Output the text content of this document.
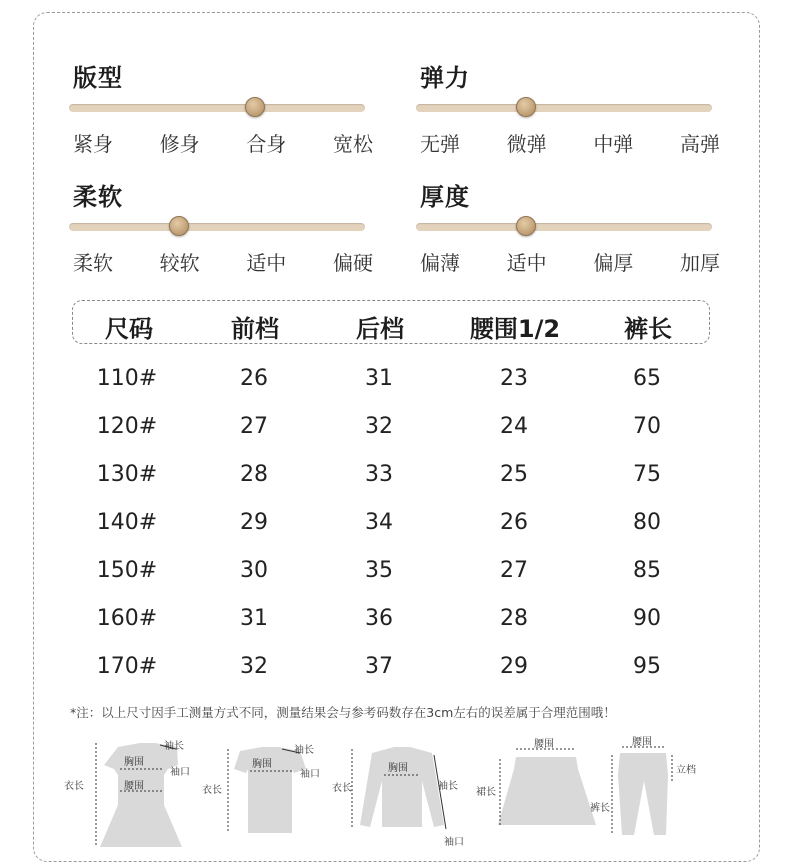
版型
紧身 修身 合身 宽松
弹力
无弹 微弹 中弹 高弹
柔软
柔软 较软 适中 偏硬
厚度
偏薄 适中 偏厚 加厚
尺码	前档	后档	腰围1/2	裤长
110#	26	31	23	65
120#	27	32	24	70
130#	28	33	25	75
140#	29	34	26	80
150#	30	35	27	85
160#	31	36	28	90
170#	32	37	29	95
*注：以上尺寸因手工测量方式不同，测量结果会与参考码数存在3cm左右的误差属于合理范围哦！
胸围
腰围
衣长
袖长
袖口
胸围
衣长
袖长
袖口
胸围
衣长	袖长
袖口
腰围
裙长
腰围
立档
裤长
